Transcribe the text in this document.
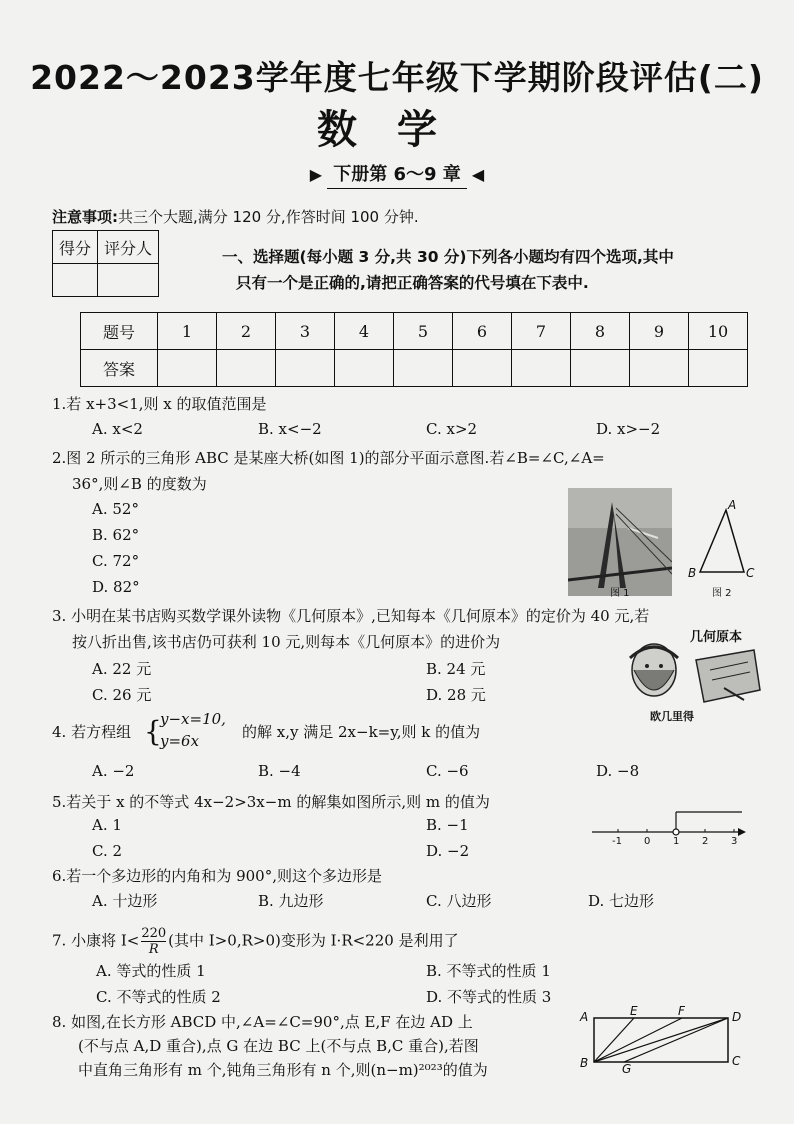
2022～2023学年度七年级下学期阶段评估(二)
数学
▶ 下册第 6～9 章 ◀
注意事项:共三个大题,满分 120 分,作答时间 100 分钟.
得分	评分人
		一、选择题(每小题 3 分,共 30 分)下列各小题均有四个选项,其中
只有一个是正确的,请把正确答案的代号填在下表中.
题号	1	2	3	4	5	6	7	8	9	10
答案										
1.若 x+3<1,则 x 的取值范围是
A. x<2	B. x<−2	C. x>2	D. x>−2
2.图 2 所示的三角形 ABC 是某座大桥(如图 1)的部分平面示意图.若∠B=∠C,∠A=
36°,则∠B 的度数为
A. 52°
B. 62°
C. 72°
D. 82°	图 1
A
B	C
图 2
3. 小明在某书店购买数学课外读物《几何原本》,已知每本《几何原本》的定价为 40 元,若
按八折出售,该书店仍可获利 10 元,则每本《几何原本》的进价为
A. 22 元	B. 24 元
C. 26 元	D. 28 元
几何原本
欧几里得
4. 若方程组 {
y−x=10,
y=6x	的解 x,y 满足 2x−k=y,则 k 的值为
A. −2	B. −4	C. −6	D. −8
5.若关于 x 的不等式 4x−2>3x−m 的解集如图所示,则 m 的值为
A. 1	B. −1
C. 2	D. −2
-1 0 1 2 3
6.若一个多边形的内角和为 900°,则这个多边形是
A. 十边形	B. 九边形	C. 八边形	D. 七边形
7. 小康将 $I< \frac{220}{R}$ (其中 I>0,R>0)变形为 I·R<220 是利用了
A. 等式的性质 1	B. 不等式的性质 1
C. 不等式的性质 2	D. 不等式的性质 3
8. 如图,在长方形 ABCD 中,∠A=∠C=90°,点 E,F 在边 AD 上
(不与点 A,D 重合),点 G 在边 BC 上(不与点 B,C 重合),若图
中直角三角形有 m 个,钝角三角形有 n 个,则(n−m)²⁰²³的值为
A
B	C
D
E	F
G
